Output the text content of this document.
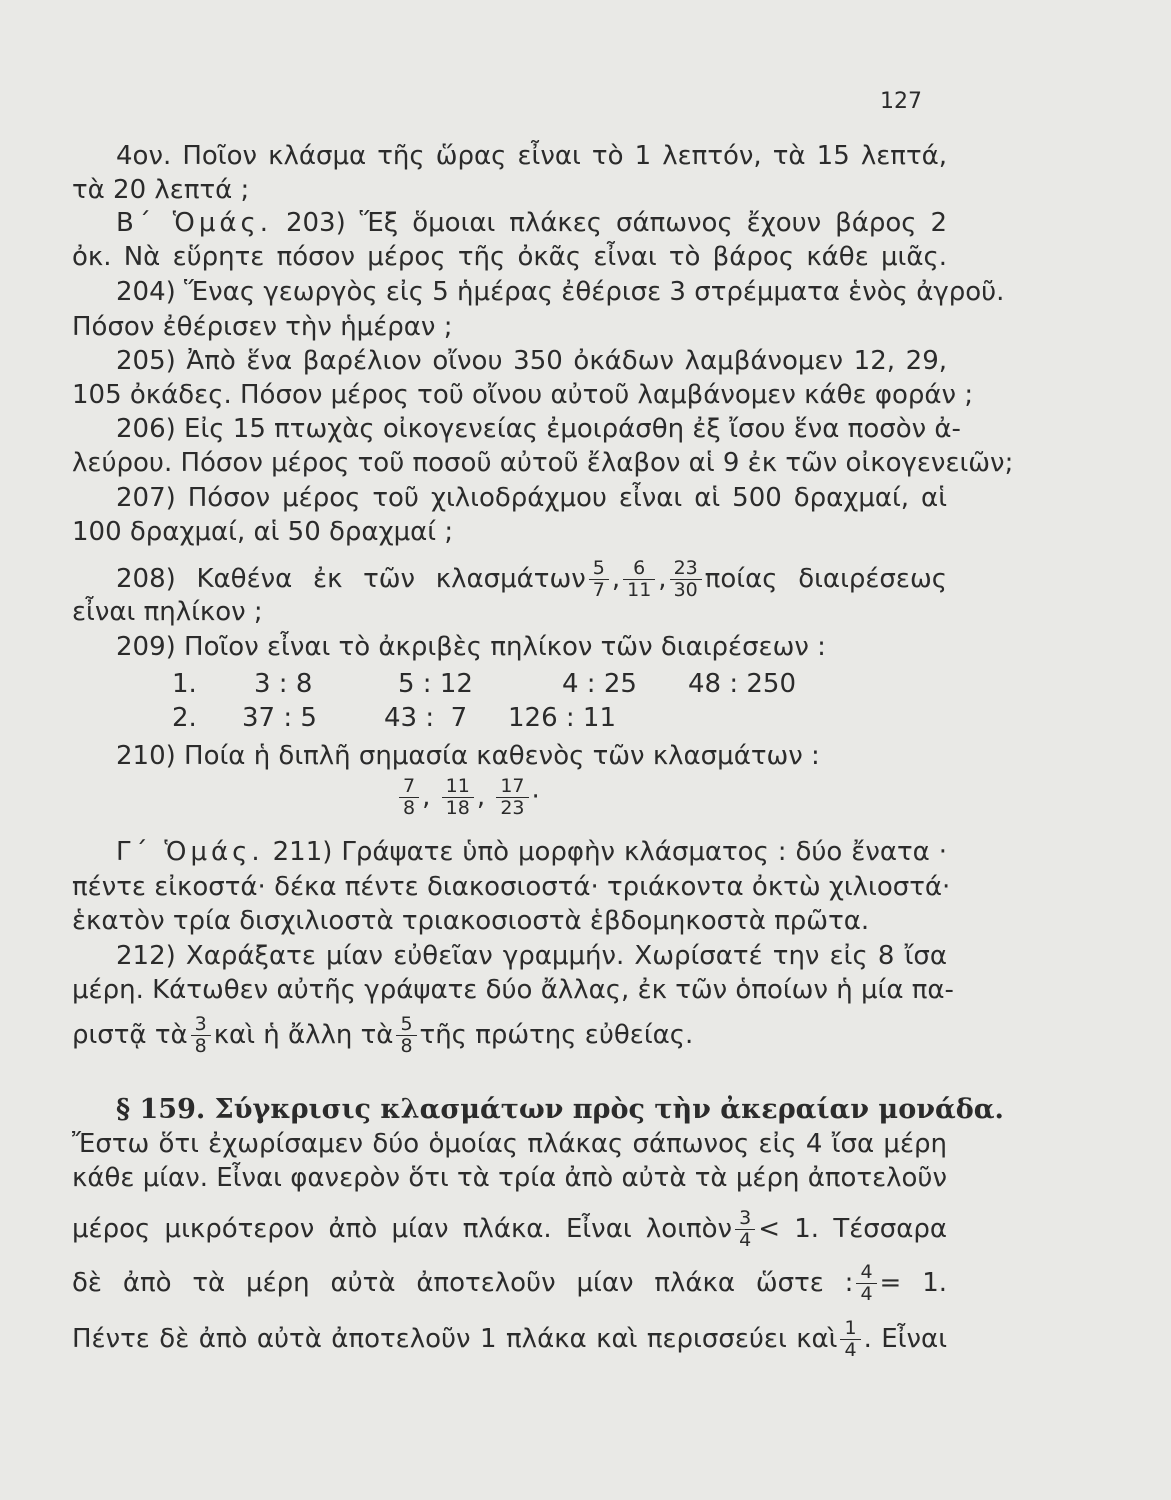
127
4ον. Ποῖον κλάσμα τῆς ὥρας εἶναι τὸ 1 λεπτόν, τὰ 15 λεπτά,
τὰ 20 λεπτά ;
Β΄ Ὁμάς. 203) Ἕξ ὅμοιαι πλάκες σάπωνος ἔχουν βάρος 2
ὀκ. Νὰ εὕρητε πόσον μέρος τῆς ὀκᾶς εἶναι τὸ βάρος κάθε μιᾶς.
204) Ἕνας γεωργὸς εἰς 5 ἡμέρας ἐθέρισε 3 στρέμματα ἑνὸς ἀγροῦ.
Πόσον ἐθέρισεν τὴν ἡμέραν ;
205) Ἀπὸ ἕνα βαρέλιον οἴνου 350 ὀκάδων λαμβάνομεν 12, 29,
105 ὀκάδες. Πόσον μέρος τοῦ οἴνου αὐτοῦ λαμβάνομεν κάθε φοράν ;
206) Εἰς 15 πτωχὰς οἰκογενείας ἐμοιράσθη ἐξ ἴσου ἕνα ποσὸν ἀ-
λεύρου. Πόσον μέρος τοῦ ποσοῦ αὐτοῦ ἔλαβον αἱ 9 ἐκ τῶν οἰκογενειῶν;
207) Πόσον μέρος τοῦ χιλιοδράχμου εἶναι αἱ 500 δραχμαί, αἱ
100 δραχμαί, αἱ 50 δραχμαί ;
208) Καθένα ἐκ τῶν κλασμάτων $\frac{5}{7}$ , $\frac{6}{11}$ , $\frac{23}{30}$ ποίας διαιρέσεως
εἶναι πηλίκον ;
209) Ποῖον εἶναι τὸ ἀκριβὲς πηλίκον τῶν διαιρέσεων :
1. 3 : 8	5 : 12	4 : 25 48 : 250
2. 37 : 5	43 :  7 126 : 11
210) Ποία ἡ διπλῆ σημασία καθενὸς τῶν κλασμάτων :
$\frac{7}{8}$ , $\frac{11}{18}$ , $\frac{17}{23}$ ·
Γ΄ Ὁμάς. 211) Γράψατε ὑπὸ μορφὴν κλάσματος : δύο ἔνατα ·
πέντε εἰκοστά· δέκα πέντε διακοσιοστά· τριάκοντα ὀκτὼ χιλιοστά·
ἑκατὸν τρία δισχιλιοστὰ τριακοσιοστὰ ἑβδομηκοστὰ πρῶτα.
212) Χαράξατε μίαν εὐθεῖαν γραμμήν. Χωρίσατέ την εἰς 8 ἴσα
μέρη. Κάτωθεν αὐτῆς γράψατε δύο ἄλλας, ἐκ τῶν ὁποίων ἡ μία πα-
ριστᾷ τὰ $\frac{3}{8}$ καὶ ἡ ἄλλη τὰ $\frac{5}{8}$ τῆς πρώτης εὐθείας.
§ 159. Σύγκρισις κλασμάτων πρὸς τὴν ἀκεραίαν μονάδα.
Ἔστω ὅτι ἐχωρίσαμεν δύο ὁμοίας πλάκας σάπωνος εἰς 4 ἴσα μέρη
κάθε μίαν. Εἶναι φανερὸν ὅτι τὰ τρία ἀπὸ αὐτὰ τὰ μέρη ἀποτελοῦν
μέρος μικρότερον ἀπὸ μίαν πλάκα. Εἶναι λοιπὸν $\frac{3}{4} < 1$. Τέσσαρα
δὲ ἀπὸ τὰ μέρη αὐτὰ ἀποτελοῦν μίαν πλάκα ὥστε : $\frac{4}{4} = 1$.
Πέντε δὲ ἀπὸ αὐτὰ ἀποτελοῦν 1 πλάκα καὶ περισσεύει καὶ $\frac{1}{4}$ . Εἶναι
